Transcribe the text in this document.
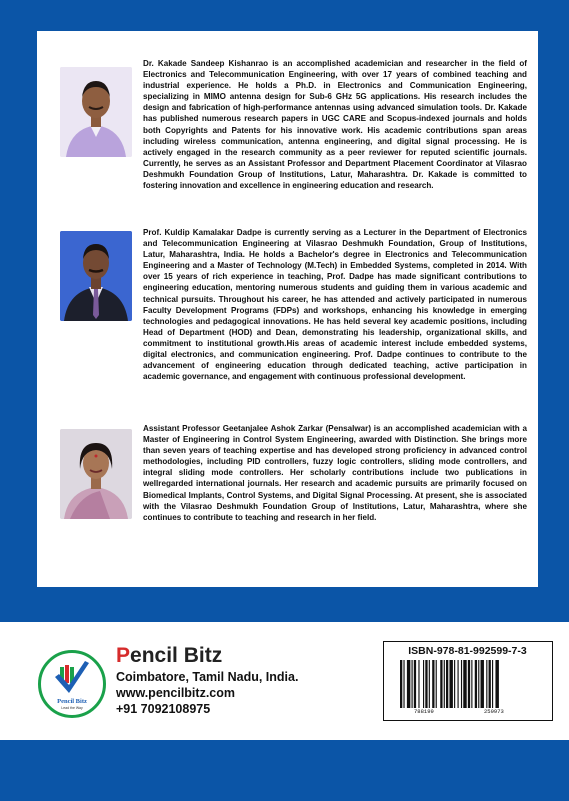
Dr. Kakade Sandeep Kishanrao is an accomplished academician and researcher in the field of Electronics and Telecommunication Engineering, with over 17 years of combined teaching and industrial experience. He holds a Ph.D. in Electronics and Communication Engineering, specializing in MIMO antenna design for Sub-6 GHz 5G applications. His research includes the design and fabrication of high-performance antennas using advanced simulation tools. Dr. Kakade has published numerous research papers in UGC CARE and Scopus-indexed journals and holds both Copyrights and Patents for his innovative work. His academic contributions span areas including wireless communication, antenna engineering, and digital signal processing. He is actively engaged in the research community as a peer reviewer for reputed scientific journals. Currently, he serves as an Assistant Professor and Department Placement Coordinator at Vilasrao Deshmukh Foundation Group of Institutions, Latur, Maharashtra. Dr. Kakade is committed to fostering innovation and excellence in engineering education and research.

Prof. Kuldip Kamalakar Dadpe is currently serving as a Lecturer in the Department of Electronics and Telecommunication Engineering at Vilasrao Deshmukh Foundation, Group of Institutions, Latur, Maharashtra, India. He holds a Bachelor's degree in Electronics and Telecommunication Engineering and a Master of Technology (M.Tech) in Embedded Systems, completed in 2014. With over 15 years of rich experience in teaching, Prof. Dadpe has made significant contributions to engineering education, mentoring numerous students and guiding them in various academic and technical pursuits. Throughout his career, he has attended and actively participated in numerous Faculty Development Programs (FDPs) and workshops, enhancing his knowledge in emerging technologies and pedagogical innovations. He has held several key academic positions, including Head of Department (HOD) and Dean, demonstrating his leadership, organizational skills, and commitment to institutional growth.His areas of academic interest include embedded systems, digital electronics, and communication engineering. Prof. Dadpe continues to contribute to the advancement of engineering education through dedicated teaching, active participation in academic governance, and engagement with continuous professional development.

Assistant Professor Geetanjalee Ashok Zarkar (Pensalwar) is an accomplished academician with a Master of Engineering in Control System Engineering, awarded with Distinction. She brings more than seven years of teaching expertise and has developed strong proficiency in advanced control methodologies, including PID controllers, fuzzy logic controllers, sliding mode controllers, and integral sliding mode controllers. Her scholarly contributions include two publications in wellregarded international journals. Her research and academic pursuits are primarily focused on Biomedical Implants, Control Systems, and Digital Signal Processing. At present, she is associated with the Vilasrao Deshmukh Foundation Group of Institutions, Latur, Maharashtra, where she continues to contribute to teaching and research in her field.

Pencil Bitz
Lead the Way
Pencil Bitz
Coimbatore, Tamil Nadu, India.
www.pencilbitz.com
+91 7092108975
ISBN-978-81-992599-7-3
788199	259973
